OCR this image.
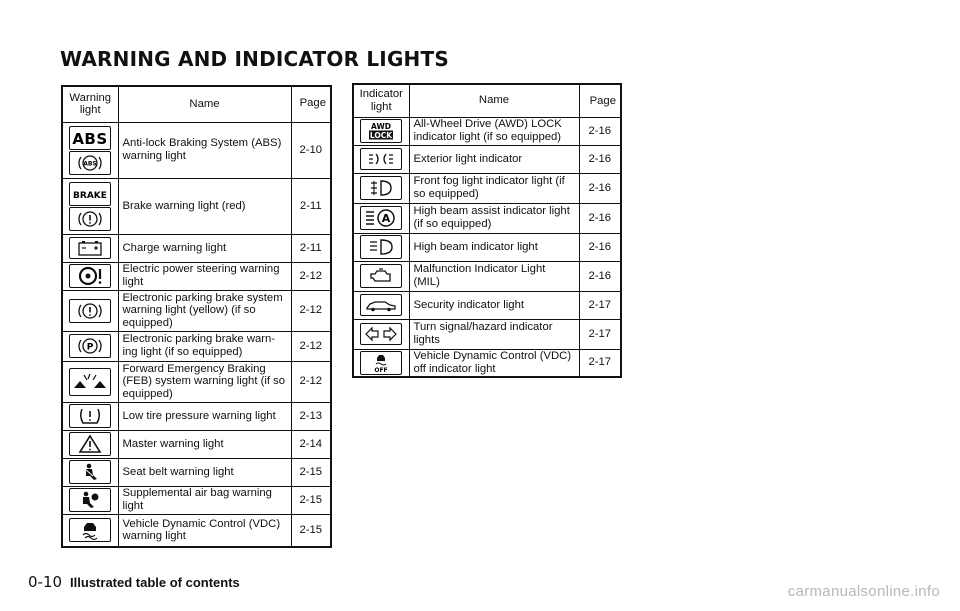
WARNING AND INDICATOR LIGHTS
Warning light	Name	Page

ABS
ABS	Anti-lock Braking System (ABS) warning light	2-10

BRAKE	Brake warning light (red)	2-11

	Charge warning light	2-11

	Electric power steering warning light	2-12

	Electronic parking brake system warning light (yellow) (if so equipped)	2-12

P	Electronic parking brake warn-ing light (if so equipped)	2-12

	Forward Emergency Braking (FEB) system warning light (if so equipped)	2-12

	Low tire pressure warning light	2-13

	Master warning light	2-14

	Seat belt warning light	2-15

	Supplemental air bag warning light	2-15

	Vehicle Dynamic Control (VDC) warning light	2-15
Indicator light	Name	Page

AWD
LOCK	All-Wheel Drive (AWD) LOCK indicator light (if so equipped)	2-16

	Exterior light indicator	2-16

	Front fog light indicator light (if so equipped)	2-16

A	High beam assist indicator light (if so equipped)	2-16

	High beam indicator light	2-16

	Malfunction Indicator Light (MIL)	2-16

	Security indicator light	2-17

	Turn signal/hazard indicator lights	2-17

OFF	Vehicle Dynamic Control (VDC) off indicator light	2-17
0-10 Illustrated table of contents
carmanualsonline.info
